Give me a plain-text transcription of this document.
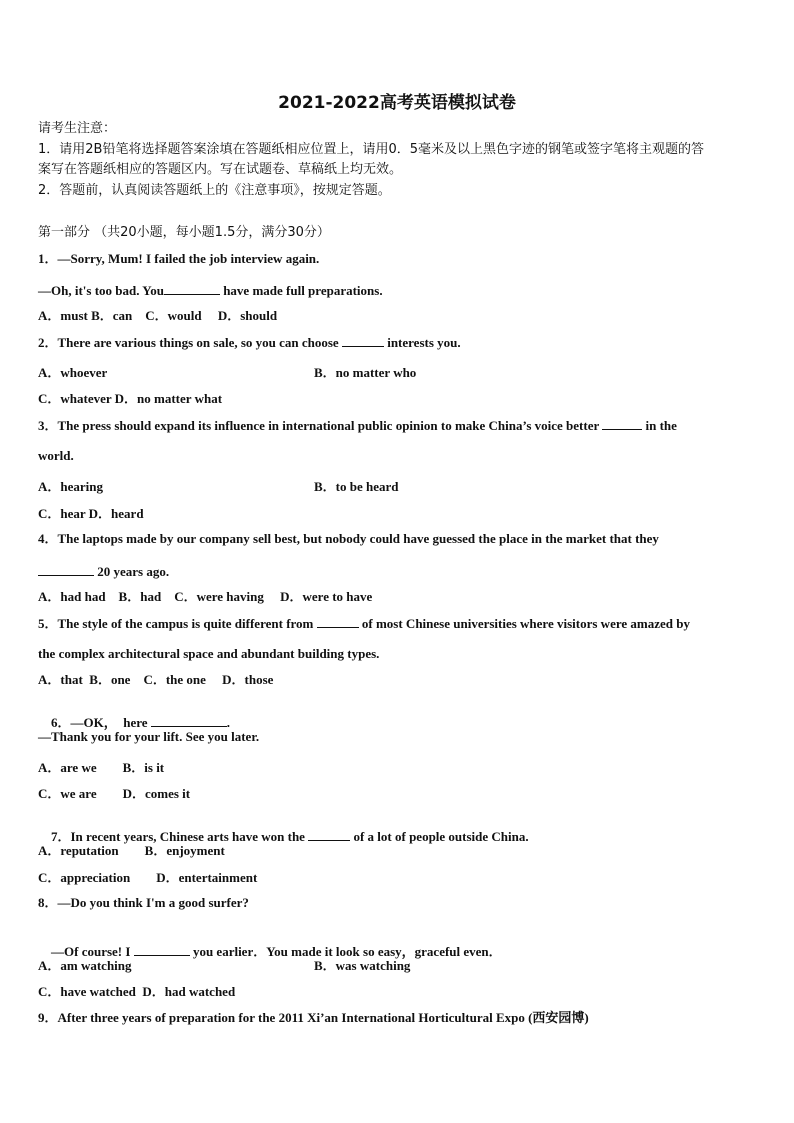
2021-2022高考英语模拟试卷
请考生注意：
1．请用2B铅笔将选择题答案涂填在答题纸相应位置上，请用0．5毫米及以上黑色字迹的钢笔或签字笔将主观题的答
案写在答题纸相应的答题区内。写在试题卷、草稿纸上均无效。
2．答题前，认真阅读答题纸上的《注意事项》，按规定答题。
第一部分 （共20小题，每小题1.5分，满分30分）
1．—Sorry, Mum! I failed the job interview again.
—Oh, it's too bad. You	have made full preparations.
A．must B．can    C．would     D．should
2．There are various things on sale, so you can choose	interests you.
A．whoever	B．no matter who
C．whatever D．no matter what
3．The press should expand its influence in international public opinion to make China’s voice better	in the
world.
A．hearing	B．to be heard
C．hear D．heard
4．The laptops made by our company sell best, but nobody could have guessed the place in the market that they
20 years ago.
A．had had    B．had    C．were having     D．were to have
5．The style of the campus is quite different from	of most Chinese universities where visitors were amazed by
the complex architectural space and abundant building types.
A．that  B．one    C．the one     D．those

6．—OK，  here	.

—Thank you for your lift. See you later.
A．are we        B．is it
C．we are        D．comes it

7．In recent years, Chinese arts have won the	of a lot of people outside China.

A．reputation        B．enjoyment
C．appreciation        D．entertainment
8．—Do you think I'm a good surfer?

—Of course! I	you earlier．You made it look so easy，graceful even．

A．am watching	B．was watching
C．have watched  D．had watched
9．After three years of preparation for the 2011 Xi’an International Horticultural Expo (西安园博)
